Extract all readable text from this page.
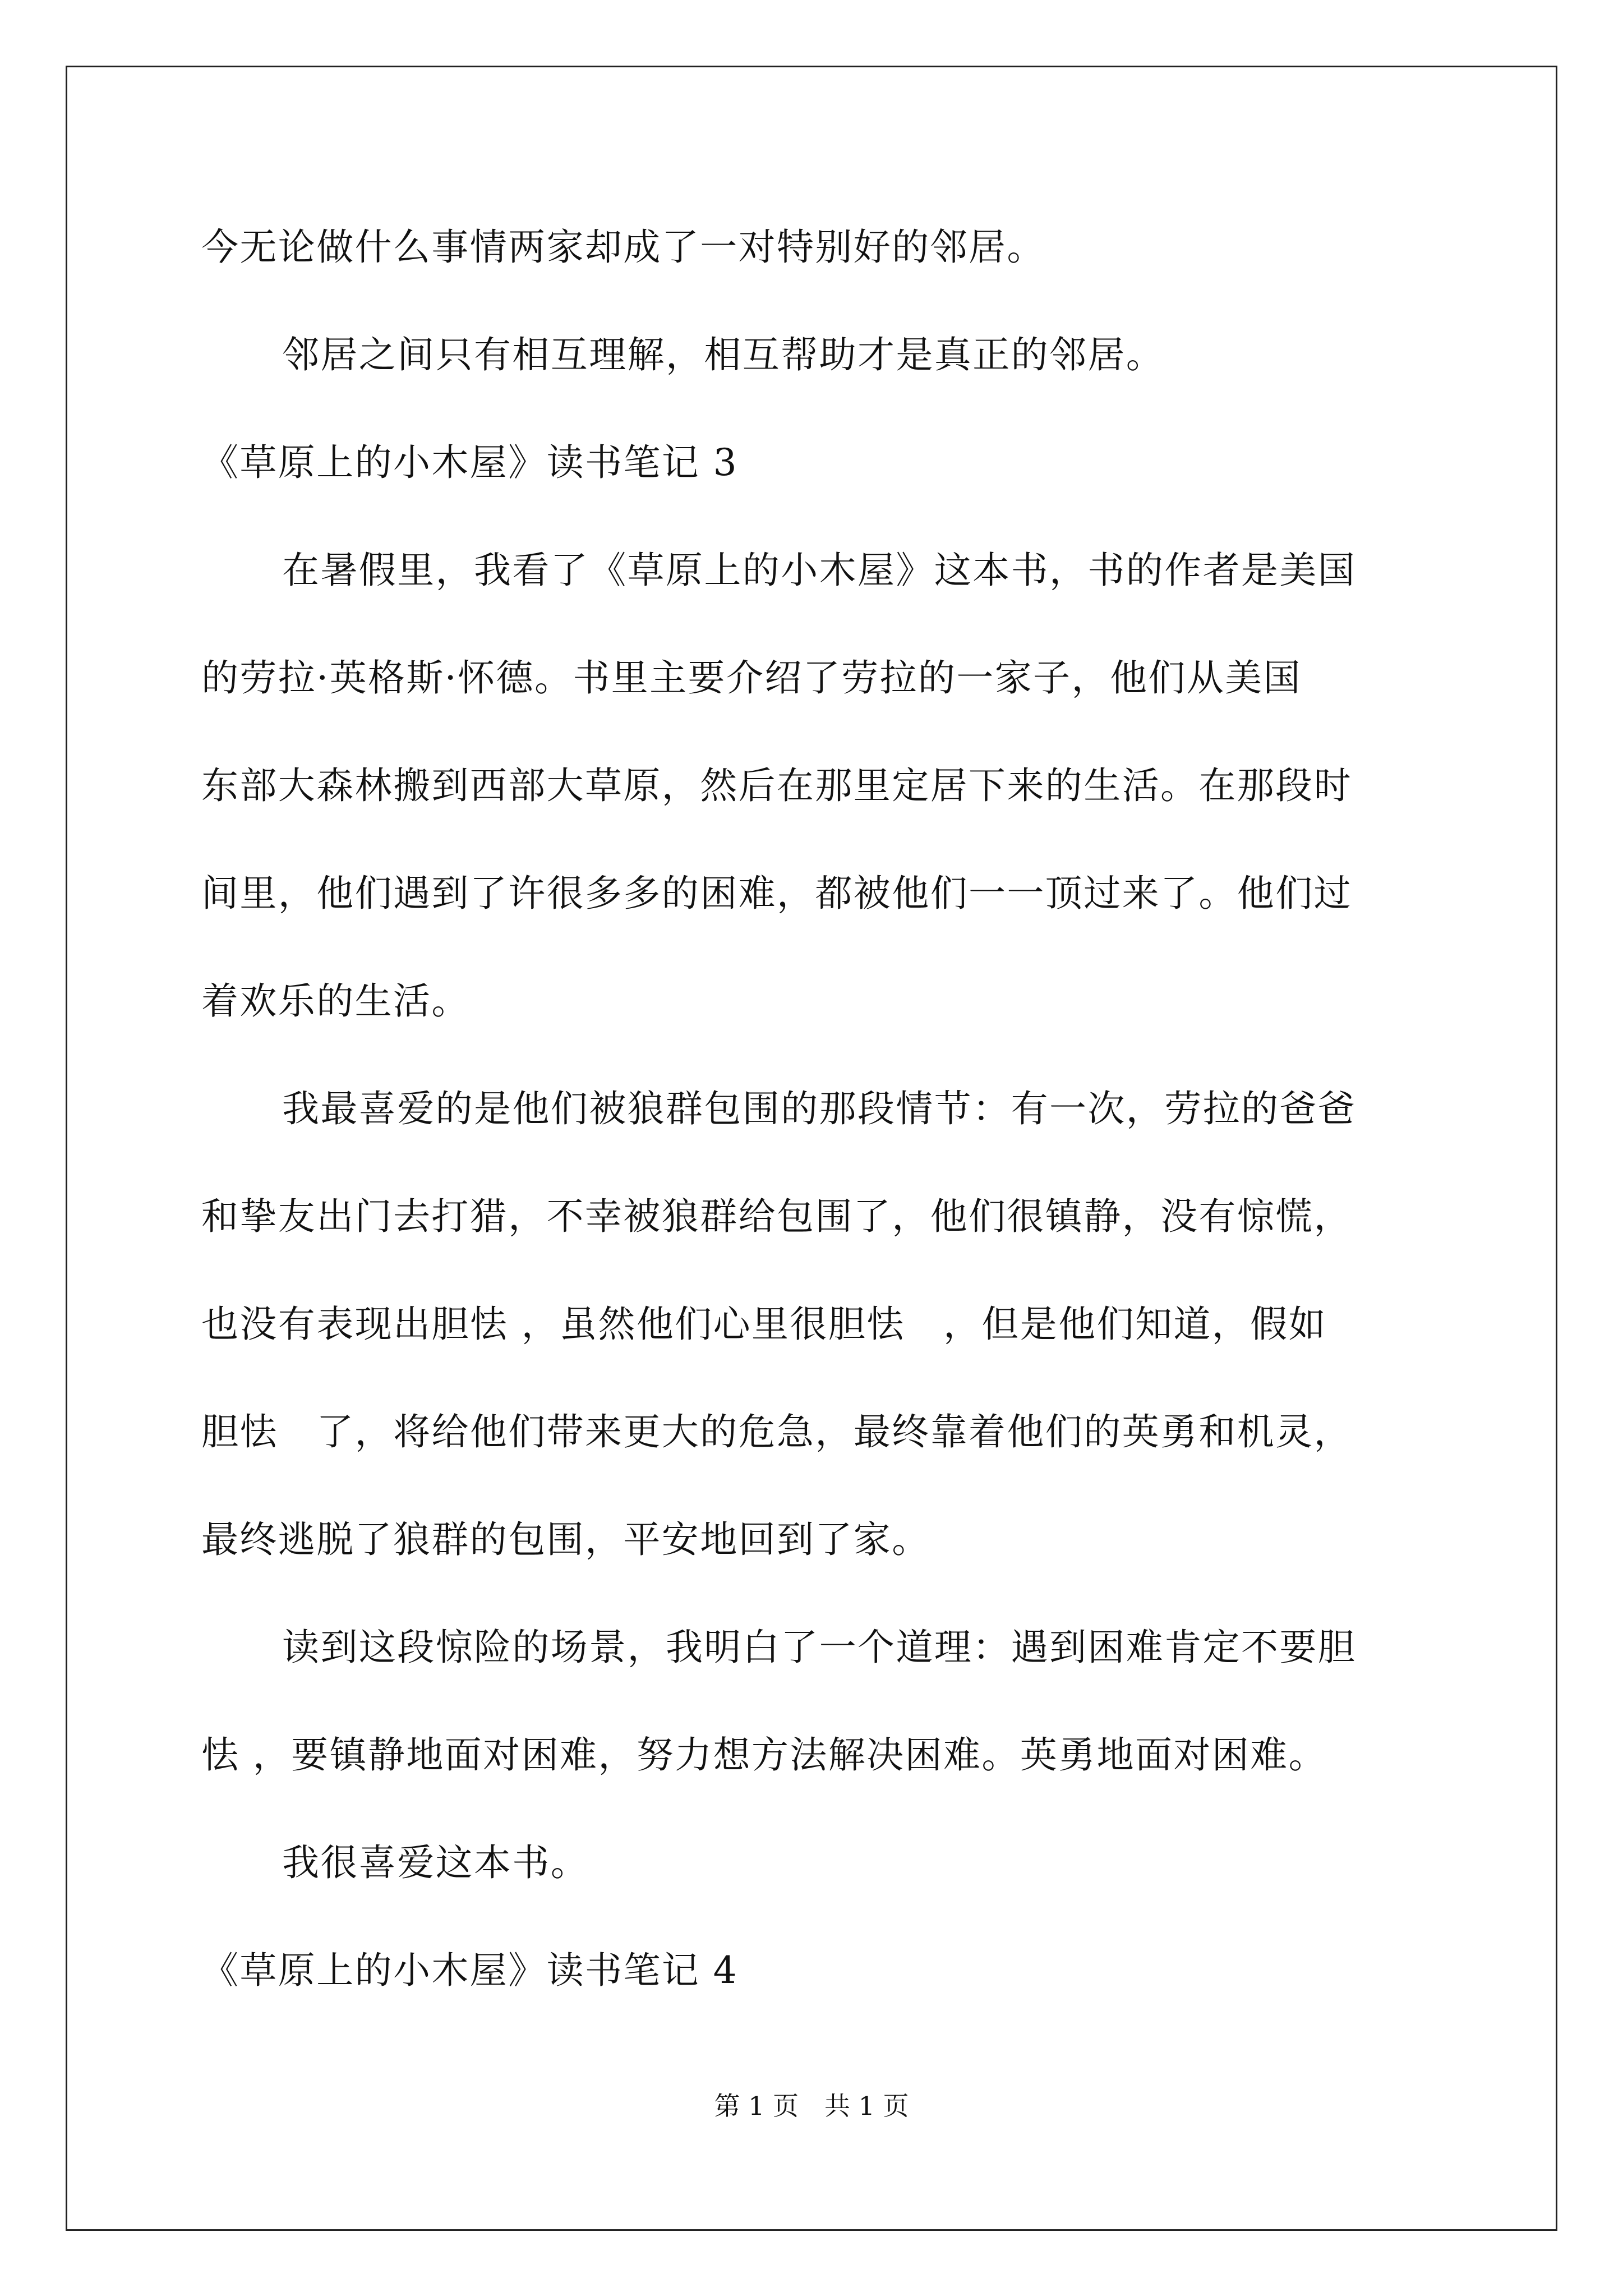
今无论做什么事情两家却成了一对特别好的邻居。
邻居之间只有相互理解，相互帮助才是真正的邻居。
《草原上的小木屋》读书笔记 3
在暑假里，我看了《草原上的小木屋》这本书，书的作者是美国
的劳拉·英格斯·怀德。书里主要介绍了劳拉的一家子，他们从美国
东部大森林搬到西部大草原，然后在那里定居下来的生活。在那段时
间里，他们遇到了许很多多的困难，都被他们一一顶过来了。他们过
着欢乐的生活。
我最喜爱的是他们被狼群包围的那段情节：有一次，劳拉的爸爸
和挚友出门去打猎，不幸被狼群给包围了，他们很镇静，没有惊慌，
也没有表现出胆怯 ，虽然他们心里很胆怯　，但是他们知道，假如
胆怯　了，将给他们带来更大的危急，最终靠着他们的英勇和机灵，
最终逃脱了狼群的包围，平安地回到了家。
读到这段惊险的场景，我明白了一个道理：遇到困难肯定不要胆
怯 ，要镇静地面对困难，努力想方法解决困难。英勇地面对困难。
我很喜爱这本书。
《草原上的小木屋》读书笔记 4
第 1 页　共 1 页
